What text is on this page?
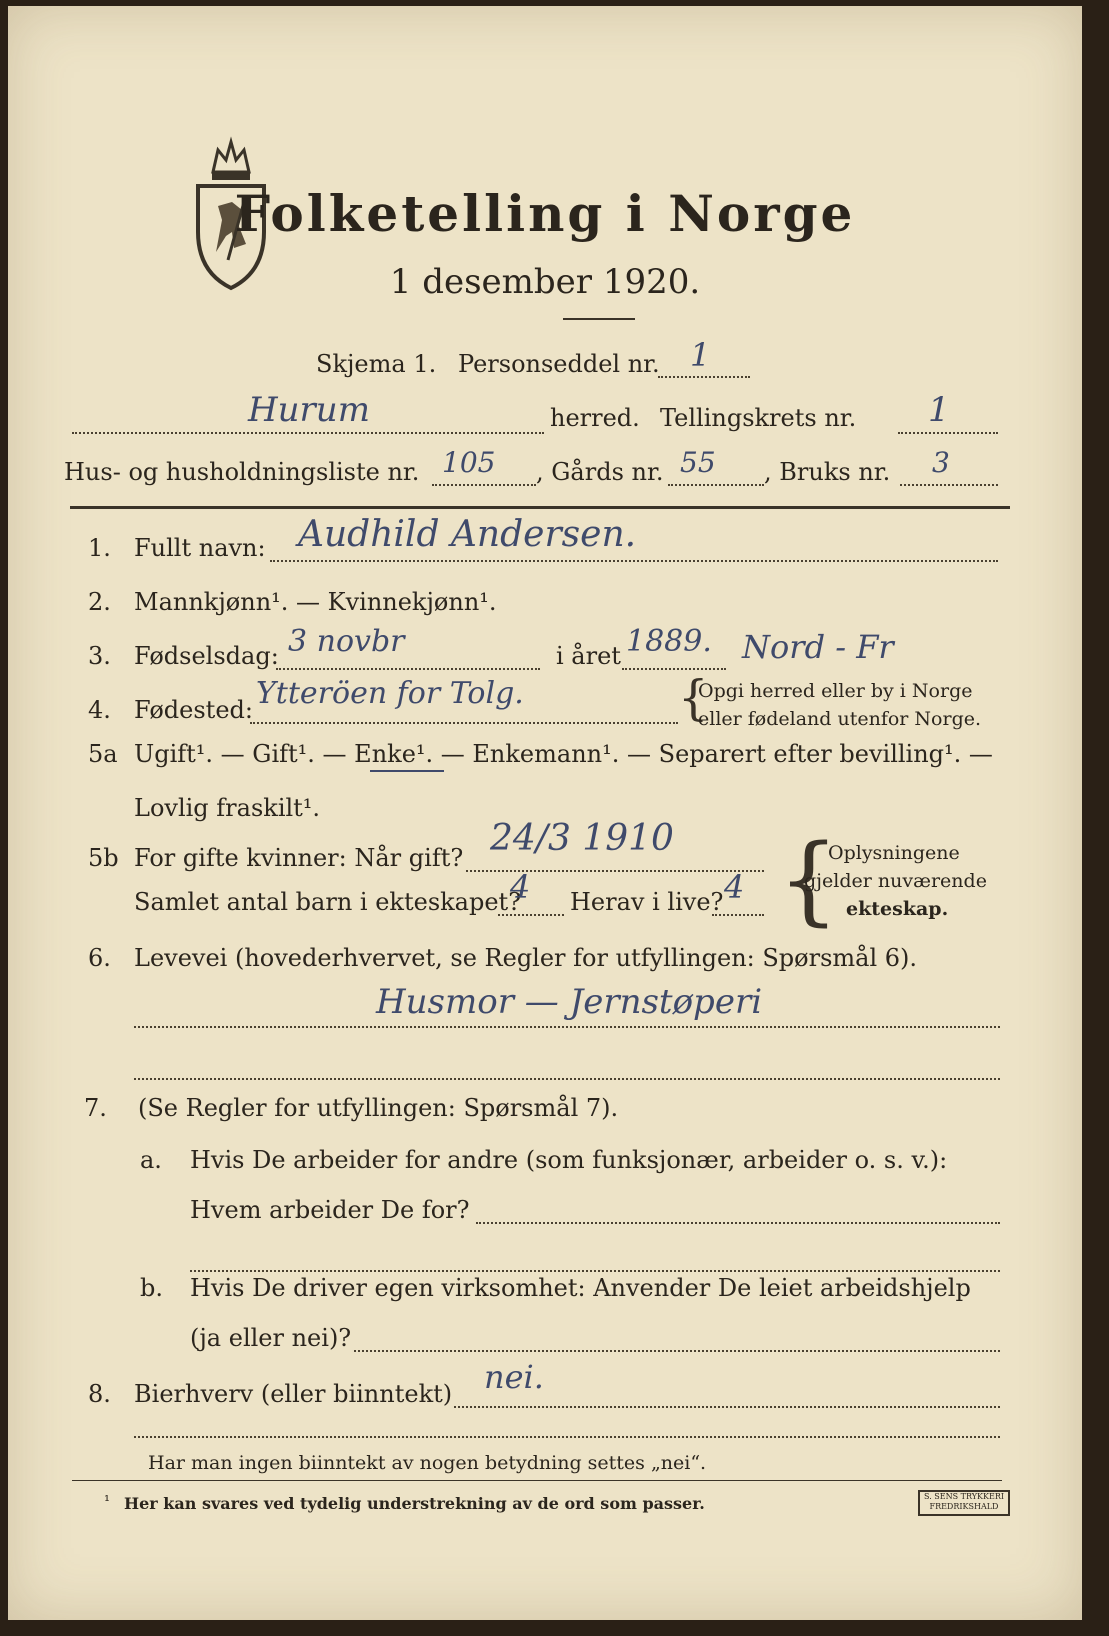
Folketelling i Norge
1 desember 1920.
Skjema 1. Personseddel nr. 1
Hurum	herred. Tellingskrets nr. 1
Hus- og husholdningsliste nr. 105 , Gårds nr. 55 , Bruks nr. 3
1. Fullt navn: Audhild Andersen.
2. Mannkjønn¹. — Kvinnekjønn¹.
3. Fødselsdag: 3 novbr	i året 1889. Nord - Fr
4. Fødested: Ytteröen for Tolg.	{
Opgi herred eller by i Norge
eller fødeland utenfor Norge.
5a Ugift¹. — Gift¹. — Enke¹. — Enkemann¹. — Separert efter bevilling¹. —
Lovlig fraskilt¹.
5b For gifte kvinner: Når gift? 24/3 1910
Samlet antal barn i ekteskapet?
4 Herav i live? 4 {
Oplysningene
gjelder nuværende
ekteskap.
6. Levevei (hovederhvervet, se Regler for utfyllingen: Spørsmål 6).
Husmor — Jernstøperi
7. (Se Regler for utfyllingen: Spørsmål 7).
a. Hvis De arbeider for andre (som funksjonær, arbeider o. s. v.):
Hvem arbeider De for?
b. Hvis De driver egen virksomhet: Anvender De leiet arbeidshjelp
(ja eller nei)?
8. Bierhverv (eller biinntekt) nei.
Har man ingen biinntekt av nogen betydning settes „nei“.
¹ Her kan svares ved tydelig understrekning av de ord som passer.	S. SENS TRYKKERI FREDRIKSHALD
